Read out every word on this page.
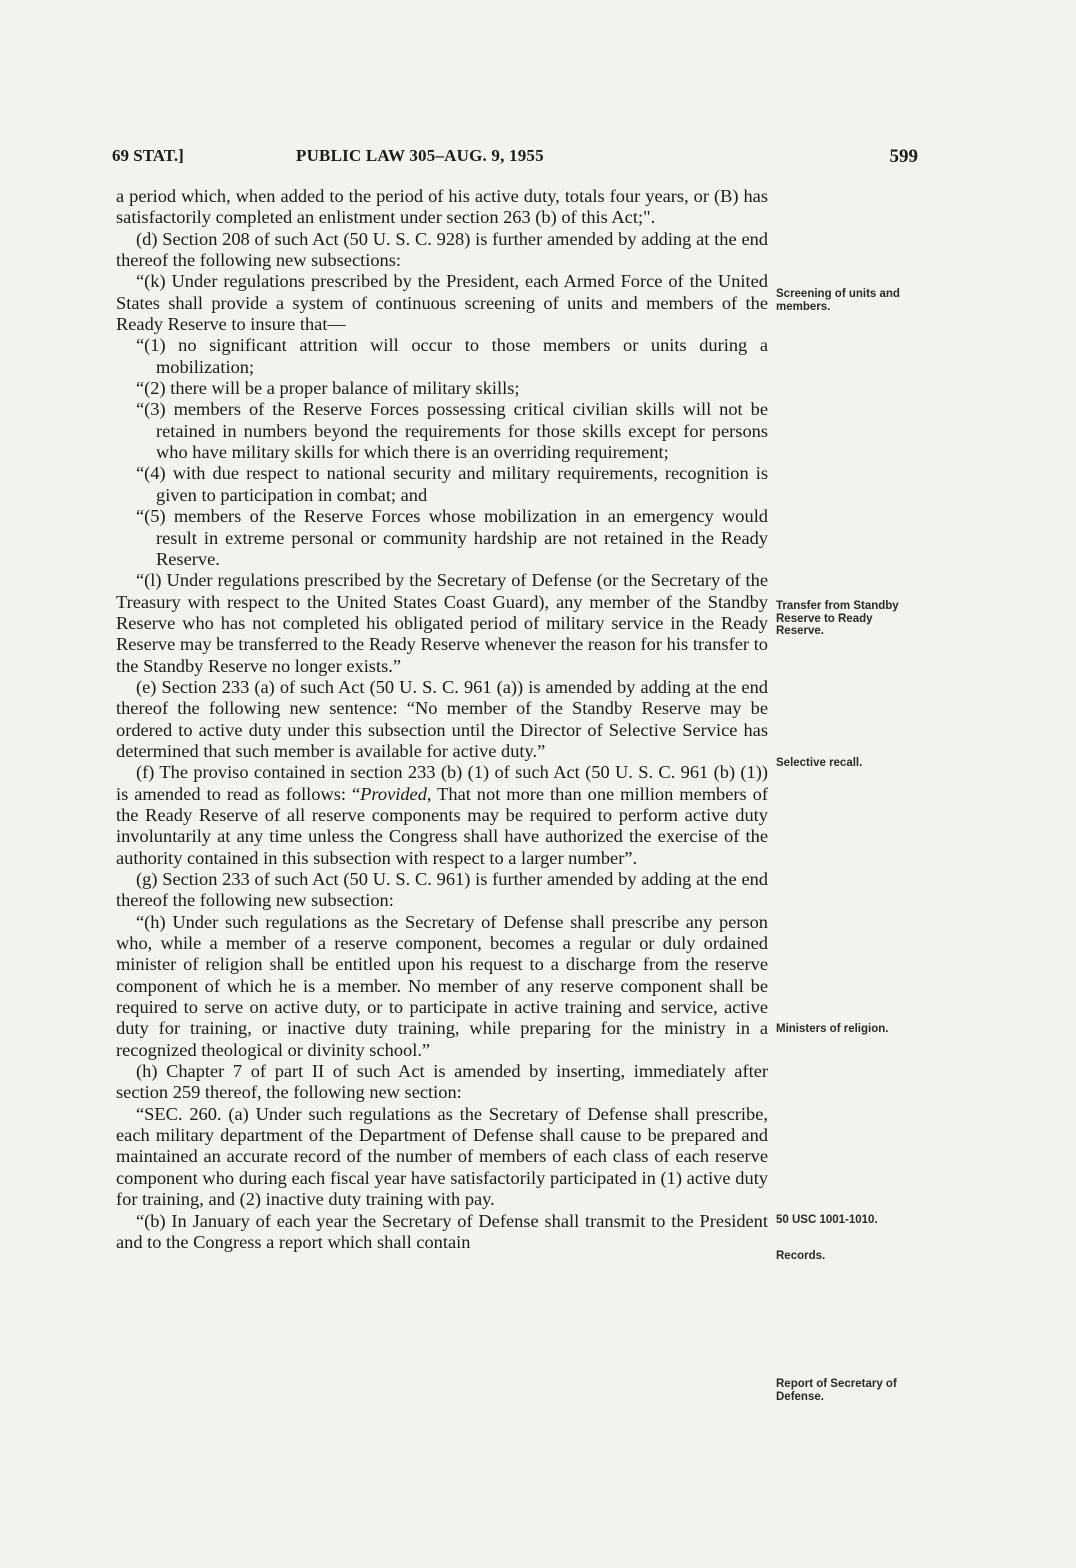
69 STAT.]	PUBLIC LAW 305–AUG. 9, 1955	599

a period which, when added to the period of his active duty, totals four years, or (B) has satisfactorily completed an enlistment under section 263 (b) of this Act;".

(d) Section 208 of such Act (50 U. S. C. 928) is further amended by adding at the end thereof the following new subsections:

“(k) Under regulations prescribed by the President, each Armed Force of the United States shall provide a system of continuous screening of units and members of the Ready Reserve to insure that—

“(1) no significant attrition will occur to those members or units during a mobilization;

“(2) there will be a proper balance of military skills;

“(3) members of the Reserve Forces possessing critical civilian skills will not be retained in numbers beyond the requirements for those skills except for persons who have military skills for which there is an overriding requirement;

“(4) with due respect to national security and military requirements, recognition is given to participation in combat; and

“(5) members of the Reserve Forces whose mobilization in an emergency would result in extreme personal or community hardship are not retained in the Ready Reserve.

“(l) Under regulations prescribed by the Secretary of Defense (or the Secretary of the Treasury with respect to the United States Coast Guard), any member of the Standby Reserve who has not completed his obligated period of military service in the Ready Reserve may be transferred to the Ready Reserve whenever the reason for his transfer to the Standby Reserve no longer exists.”

(e) Section 233 (a) of such Act (50 U. S. C. 961 (a)) is amended by adding at the end thereof the following new sentence: “No member of the Standby Reserve may be ordered to active duty under this subsection until the Director of Selective Service has determined that such member is available for active duty.”

(f) The proviso contained in section 233 (b) (1) of such Act (50 U. S. C. 961 (b) (1)) is amended to read as follows: “Provided, That not more than one million members of the Ready Reserve of all reserve components may be required to perform active duty involuntarily at any time unless the Congress shall have authorized the exercise of the authority contained in this subsection with respect to a larger number”.

(g) Section 233 of such Act (50 U. S. C. 961) is further amended by adding at the end thereof the following new subsection:

“(h) Under such regulations as the Secretary of Defense shall prescribe any person who, while a member of a reserve component, becomes a regular or duly ordained minister of religion shall be entitled upon his request to a discharge from the reserve component of which he is a member. No member of any reserve component shall be required to serve on active duty, or to participate in active training and service, active duty for training, or inactive duty training, while preparing for the ministry in a recognized theological or divinity school.”

(h) Chapter 7 of part II of such Act is amended by inserting, immediately after section 259 thereof, the following new section:

“SEC. 260. (a) Under such regulations as the Secretary of Defense shall prescribe, each military department of the Department of Defense shall cause to be prepared and maintained an accurate record of the number of members of each class of each reserve component who during each fiscal year have satisfactorily participated in (1) active duty for training, and (2) inactive duty training with pay.

“(b) In January of each year the Secretary of Defense shall transmit to the President and to the Congress a report which shall contain

Screening of units and members.
Transfer from Standby Reserve to Ready Reserve.
Selective recall.
Ministers of religion.
50 USC 1001-1010.
Records.
Report of Secretary of Defense.
